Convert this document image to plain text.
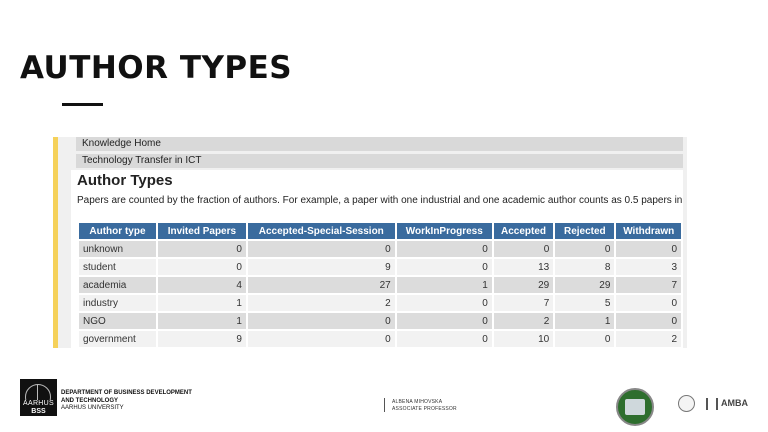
AUTHOR TYPES
Knowledge Home
Technology Transfer in ICT
Author Types

Papers are counted by the fraction of authors. For example, a paper with one industrial and one academic author counts as 0.5 papers in

Author type	Invited Papers	Accepted-Special-Session	WorkInProgress	Accepted	Rejected	Withdrawn
unknown	0	0	0	0	0	0
student	0	9	0	13	8	3
academia	4	27	1	29	29	7
industry	1	2	0	7	5	0
NGO	1	0	0	2	1	0
government	9	0	0	10	0	2
AARHUS
BSS
DEPARTMENT OF BUSINESS DEVELOPMENT
AND TECHNOLOGY
AARHUS UNIVERSITY
ALBENA MIHOVSKA
ASSOCIATE PROFESSOR
AMBA
